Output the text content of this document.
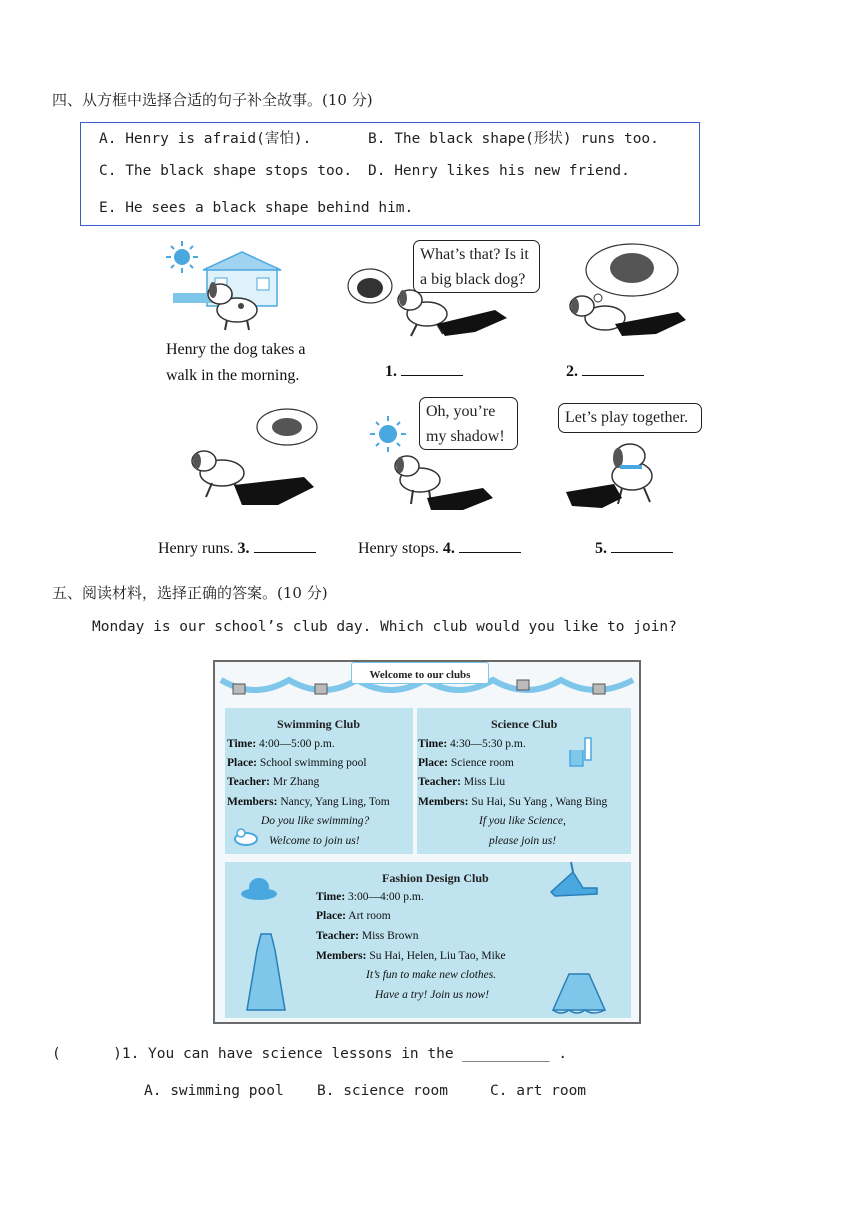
四、从方框中选择合适的句子补全故事。(10 分)
A. Henry is afraid(害怕).	B. The black shape(形状) runs too.
C. The black shape stops too. D. Henry likes his new friend.
E. He sees a black shape behind him.
Henry the dog takes a
walk in the morning.
What’s that? Is it
a big black dog?
1.	2.
Henry runs. 3.
Oh, you’re
my shadow!
Henry stops. 4.
Let’s play together.
5.
五、阅读材料，选择正确的答案。(10 分)
Monday is our school’s club day. Which club would you like to join?
Welcome to our clubs
Swimming Club
Time: 4:00—5:00 p.m.
Place: School swimming pool
Teacher: Mr Zhang
Members: Nancy, Yang Ling, Tom
Do you like swimming?
Welcome to join us!
Science Club
Time: 4:30—5:30 p.m.
Place: Science room
Teacher: Miss Liu
Members: Su Hai, Su Yang , Wang Bing
If you like Science,
please join us!
Fashion Design Club
Time: 3:00—4:00 p.m.
Place: Art room
Teacher: Miss Brown
Members: Su Hai, Helen, Liu Tao, Mike
It’s fun to make new clothes.
Have a try! Join us now!
(      )1. You can have science lessons in the __________ .
A. swimming pool B. science room	C. art room
